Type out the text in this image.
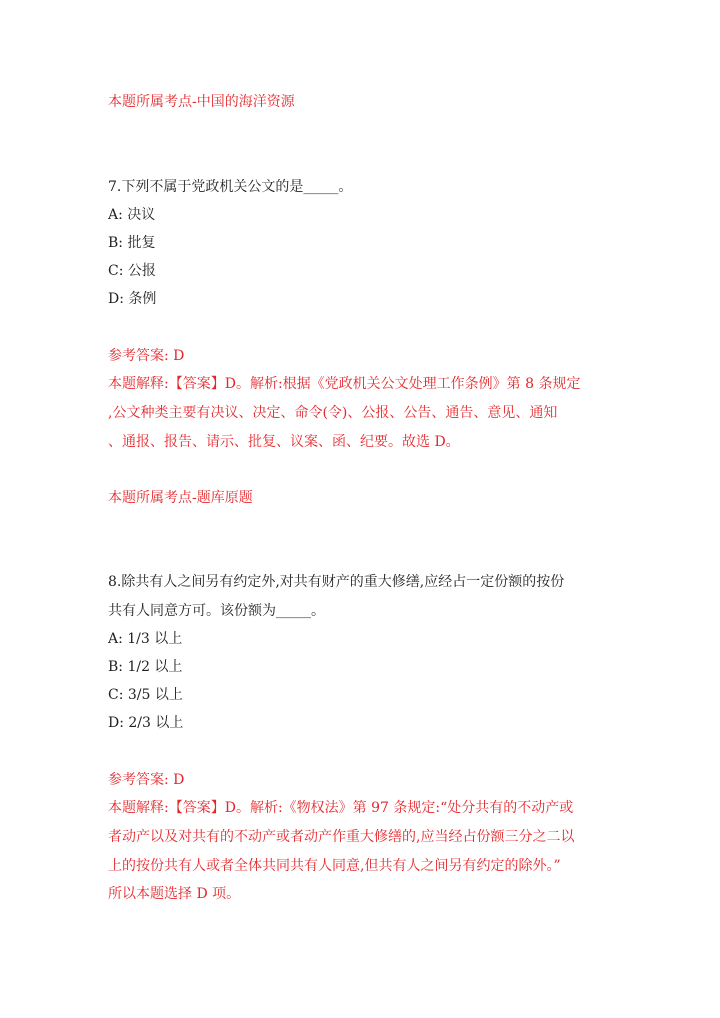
本题所属考点-中国的海洋资源
7.下列不属于党政机关公文的是_____。
A: 决议
B: 批复
C: 公报
D: 条例
参考答案: D
本题解释:【答案】D。解析:根据《党政机关公文处理工作条例》第 8 条规定
,公文种类主要有决议、决定、命令(令)、公报、公告、通告、意见、通知
、通报、报告、请示、批复、议案、函、纪要。故选 D。
本题所属考点-题库原题
8.除共有人之间另有约定外,对共有财产的重大修缮,应经占一定份额的按份
共有人同意方可。该份额为_____。
A: 1/3 以上
B: 1/2 以上
C: 3/5 以上
D: 2/3 以上
参考答案: D
本题解释:【答案】D。解析:《物权法》第 97 条规定:“处分共有的不动产或
者动产以及对共有的不动产或者动产作重大修缮的,应当经占份额三分之二以
上的按份共有人或者全体共同共有人同意,但共有人之间另有约定的除外。”
所以本题选择 D 项。
